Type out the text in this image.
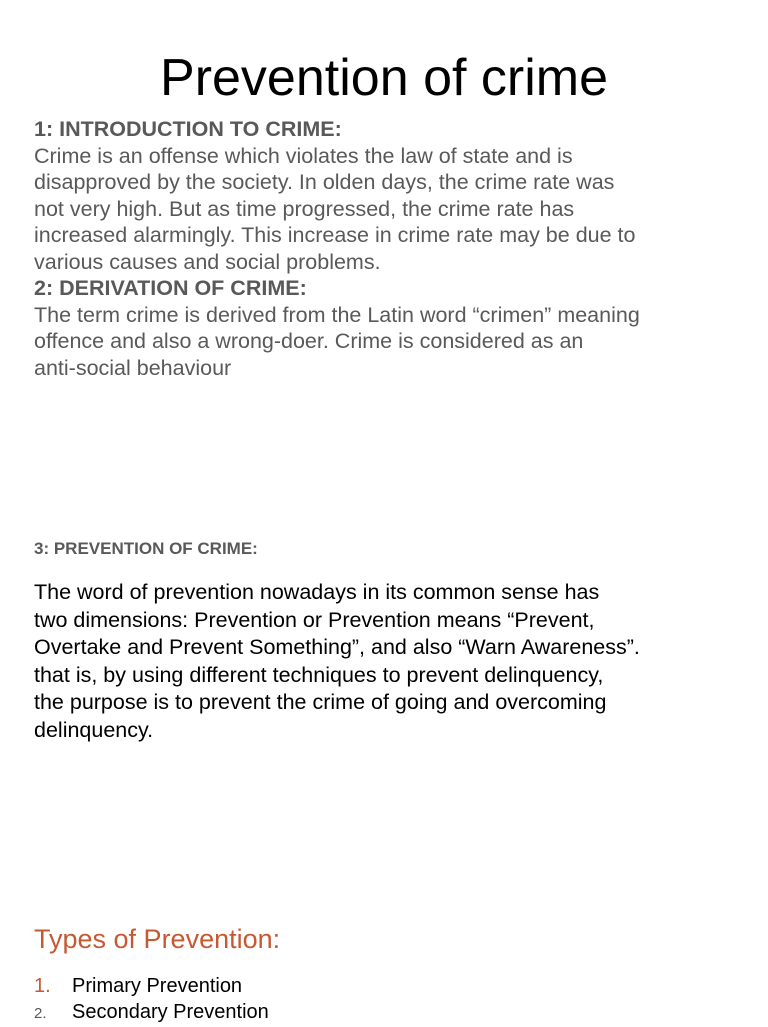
Prevention of crime
1: INTRODUCTION TO CRIME:
Crime is an offense which violates the law of state and is
disapproved by the society. In olden days, the crime rate was
not very high. But as time progressed, the crime rate has
increased alarmingly. This increase in crime rate may be due to
various causes and social problems.
2: DERIVATION OF CRIME:
The term crime is derived from the Latin word “crimen” meaning
offence and also a wrong-doer. Crime is considered as an
anti-social behaviour
3: PREVENTION OF CRIME:
The word of prevention nowadays in its common sense has
two dimensions: Prevention or Prevention means “Prevent,
Overtake and Prevent Something”, and also “Warn Awareness”.
that is, by using different techniques to prevent delinquency,
the purpose is to prevent the crime of going and overcoming
delinquency.
Types of Prevention:
1.	Primary Prevention
2.	Secondary Prevention
